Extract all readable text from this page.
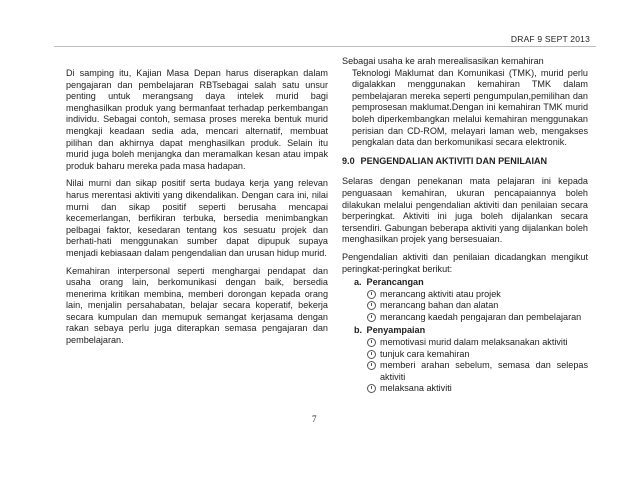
DRAF 9 SEPT 2013

Di samping itu, Kajian Masa Depan harus diserapkan dalam pengajaran dan pembelajaran RBTsebagai salah satu unsur penting untuk merangsang daya intelek murid bagi menghasilkan produk yang bermanfaat terhadap perkembangan individu. Sebagai contoh, semasa proses mereka bentuk murid mengkaji keadaan sedia ada, mencari alternatif, membuat pilihan dan akhirnya dapat menghasilkan produk. Selain itu murid juga boleh menjangka dan meramalkan kesan atau impak produk baharu mereka pada masa hadapan.

Nilai murni dan sikap positif serta budaya kerja yang relevan harus merentasi aktiviti yang dikendalikan. Dengan cara ini, nilai murni dan sikap positif seperti berusaha mencapai kecemerlangan, berfikiran terbuka, bersedia menimbangkan pelbagai faktor, kesedaran tentang kos sesuatu projek dan berhati-hati menggunakan sumber dapat dipupuk supaya menjadi kebiasaan dalam pengendalian dan urusan hidup murid.

Kemahiran interpersonal seperti menghargai pendapat dan usaha orang lain, berkomunikasi dengan baik, bersedia menerima kritikan membina, memberi dorongan kepada orang lain, menjalin persahabatan, belajar secara koperatif, bekerja secara kumpulan dan memupuk semangat kerjasama dengan rakan sebaya perlu juga diterapkan semasa pengajaran dan pembelajaran.

Sebagai usaha ke arah merealisasikan kemahiran

Teknologi Maklumat dan Komunikasi (TMK), murid perlu digalakkan menggunakan kemahiran TMK dalam pembelajaran mereka seperti pengumpulan,pemilihan dan pemprosesan maklumat.Dengan ini kemahiran TMK murid boleh diperkembangkan melalui kemahiran menggunakan perisian dan CD-ROM, melayari laman web, mengakses pengkalan data dan berkomunikasi secara elektronik.

9.0 PENGENDALIAN AKTIVITI DAN PENILAIAN

Selaras dengan penekanan mata pelajaran ini kepada penguasaan kemahiran, ukuran pencapaiannya boleh dilakukan melalui pengendalian aktiviti dan penilaian secara berperingkat. Aktiviti ini juga boleh dijalankan secara tersendiri. Gabungan beberapa aktiviti yang dijalankan boleh menghasilkan projek yang bersesuaian.

Pengendalian aktiviti dan penilaian dicadangkan mengikut peringkat-peringkat berikut:

a. Perancangan
merancang aktiviti atau projek
merancang bahan dan alatan
merancang kaedah pengajaran dan pembelajaran
b. Penyampaian
memotivasi murid dalam melaksanakan aktiviti
tunjuk cara kemahiran
memberi arahan sebelum, semasa dan selepas aktiviti
melaksana aktiviti
7
